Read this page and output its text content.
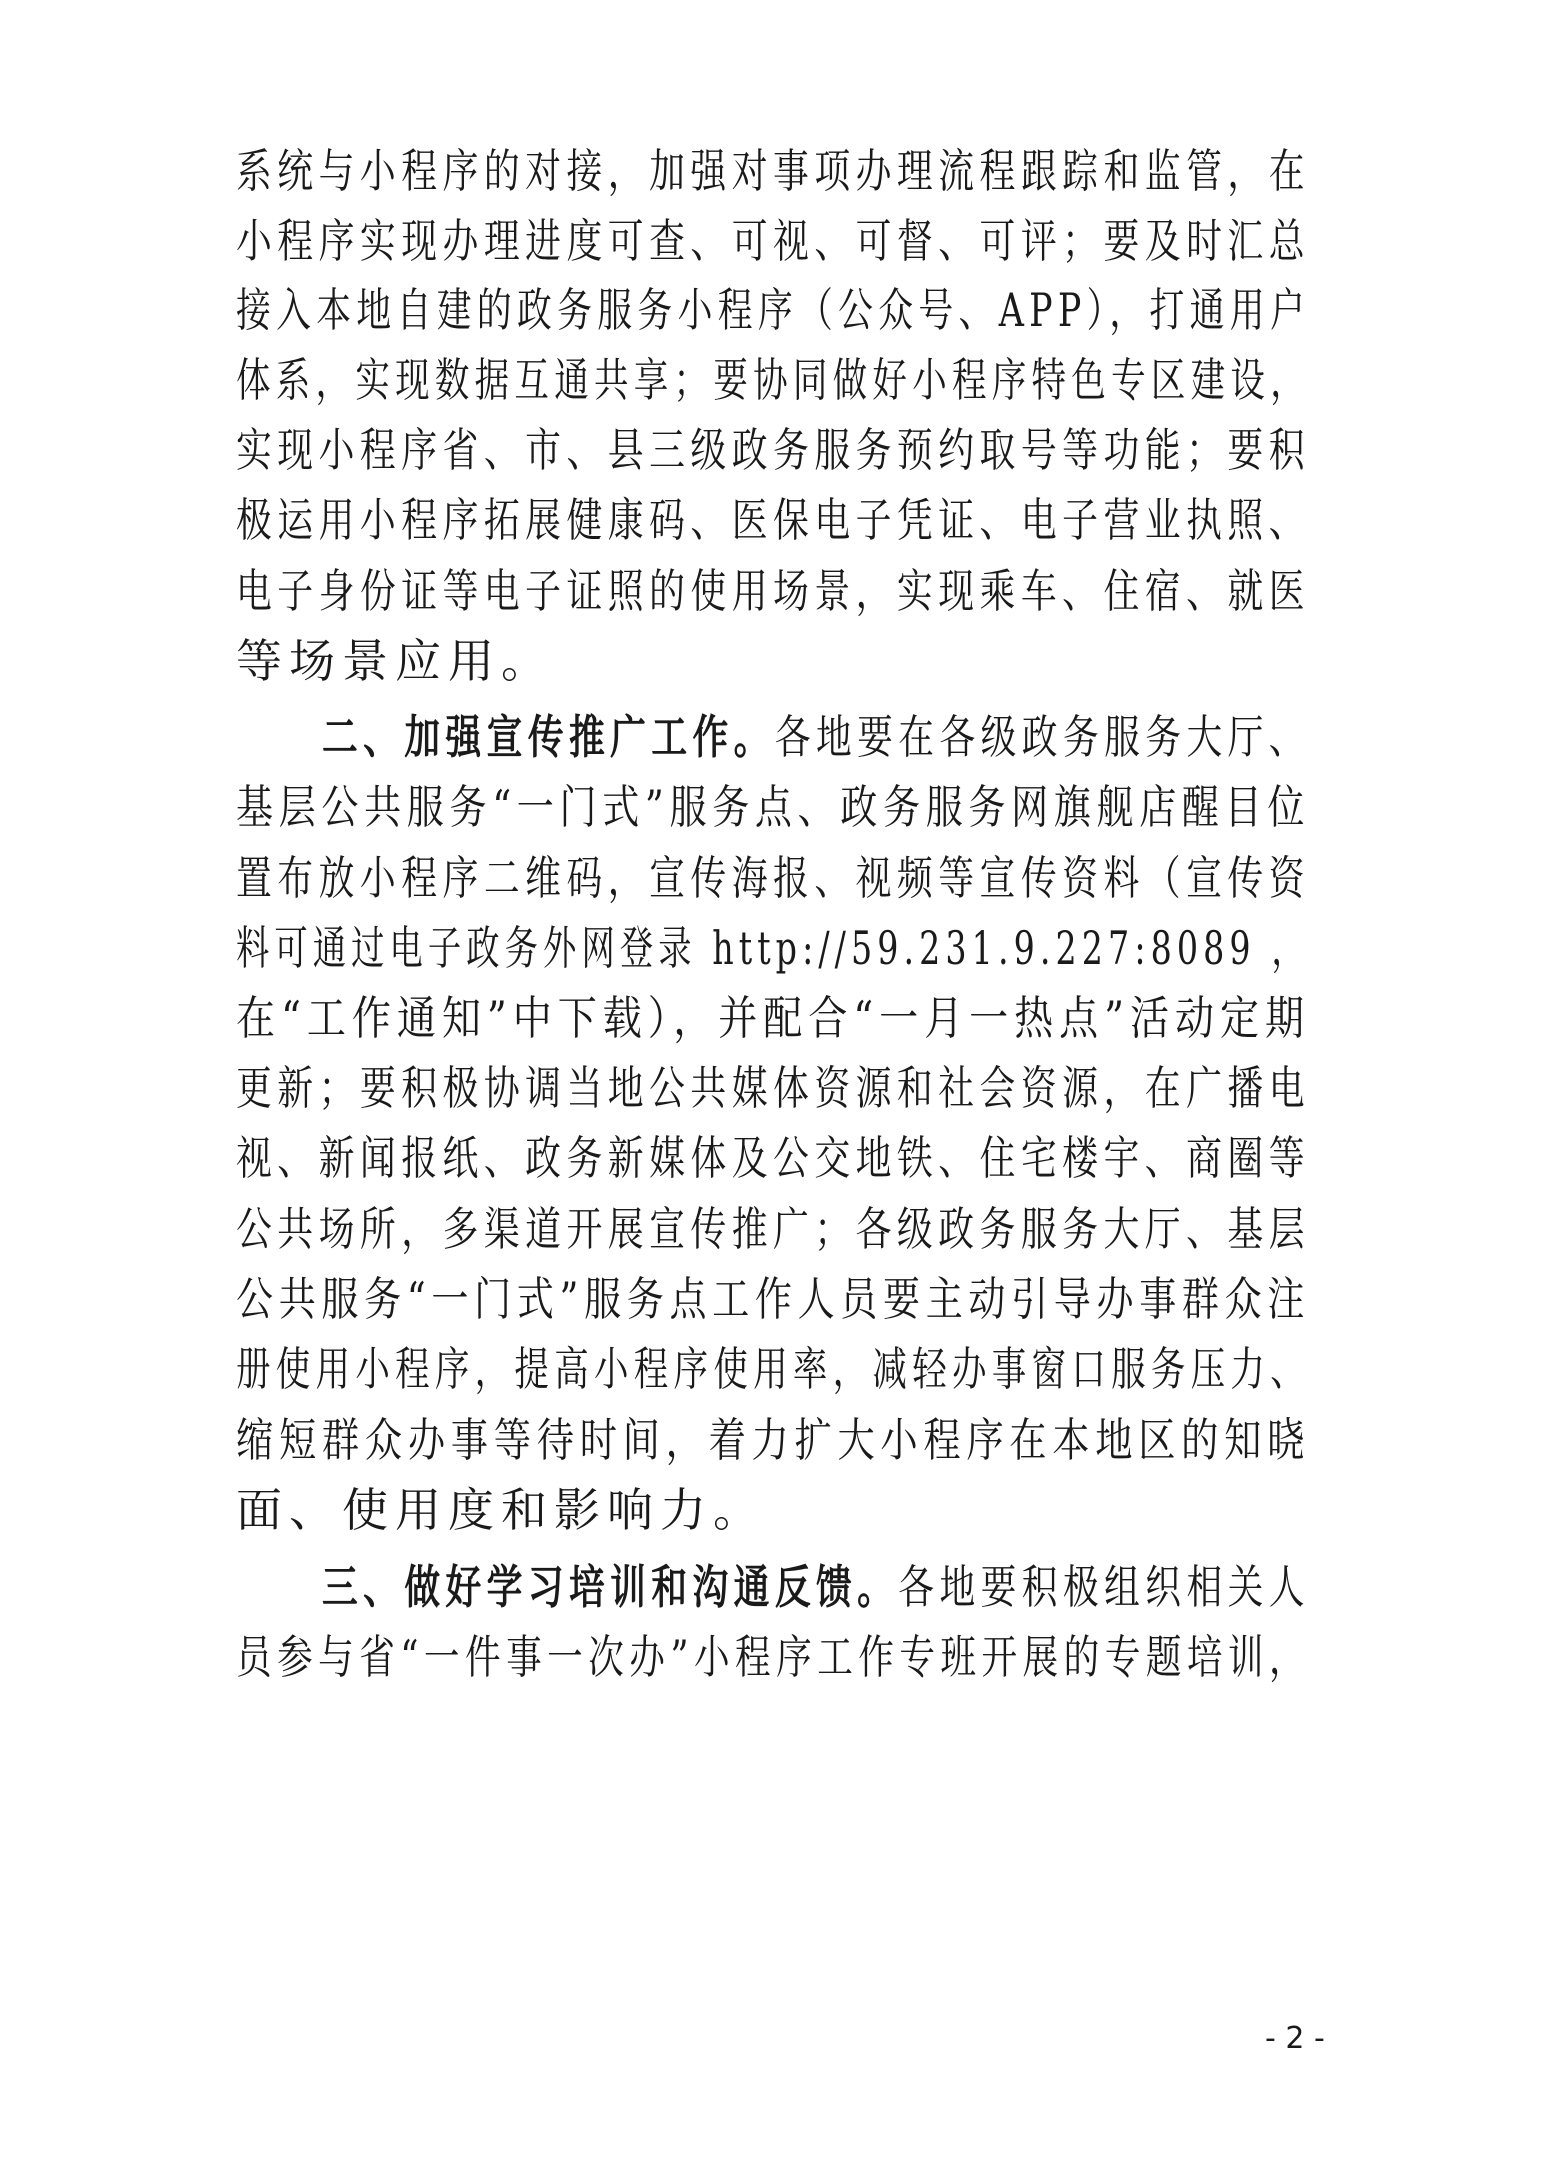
系统与小程序的对接，加强对事项办理流程跟踪和监管，在
小程序实现办理进度可查、可视、可督、可评；要及时汇总
接入本地自建的政务服务小程序（公众号、APP），打通用户
体系，实现数据互通共享；要协同做好小程序特色专区建设，
实现小程序省、市、县三级政务服务预约取号等功能；要积
极运用小程序拓展健康码、医保电子凭证、电子营业执照、
电子身份证等电子证照的使用场景，实现乘车、住宿、就医
等场景应用。
二、加强宣传推广工作。各地要在各级政务服务大厅、
基层公共服务“一门式”服务点、政务服务网旗舰店醒目位
置布放小程序二维码，宣传海报、视频等宣传资料（宣传资
料可通过电子政务外网登录 http://59.231.9.227:8089 ，
在“工作通知”中下载），并配合“一月一热点”活动定期
更新；要积极协调当地公共媒体资源和社会资源，在广播电
视、新闻报纸、政务新媒体及公交地铁、住宅楼宇、商圈等
公共场所，多渠道开展宣传推广；各级政务服务大厅、基层
公共服务“一门式”服务点工作人员要主动引导办事群众注
册使用小程序，提高小程序使用率，减轻办事窗口服务压力、
缩短群众办事等待时间，着力扩大小程序在本地区的知晓
面、使用度和影响力。
三、做好学习培训和沟通反馈。各地要积极组织相关人
员参与省“一件事一次办”小程序工作专班开展的专题培训，
- 2 -
